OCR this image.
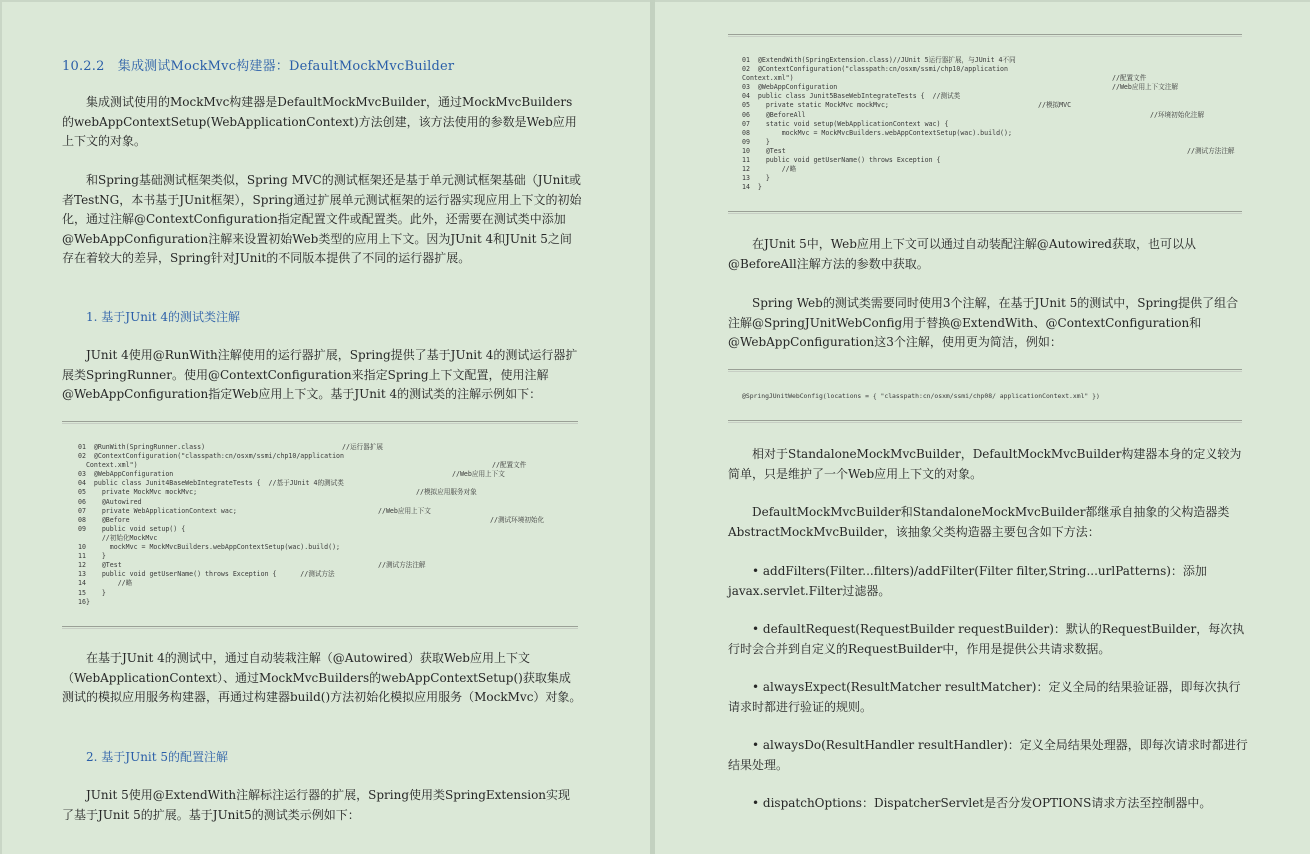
10.2.2　集成测试MockMvc构建器：DefaultMockMvcBuilder
集成测试使用的MockMvc构建器是DefaultMockMvcBuilder，通过MockMvcBuilders的webAppContextSetup(WebApplicationContext)方法创建，该方法使用的参数是Web应用上下文的对象。
和Spring基础测试框架类似，Spring MVC的测试框架还是基于单元测试框架基础（JUnit或者TestNG，本书基于JUnit框架），Spring通过扩展单元测试框架的运行器实现应用上下文的初始化，通过注解@ContextConfiguration指定配置文件或配置类。此外，还需要在测试类中添加@WebAppConfiguration注解来设置初始Web类型的应用上下文。因为JUnit 4和JUnit 5之间存在着较大的差异，Spring针对JUnit的不同版本提供了不同的运行器扩展。
1. 基于JUnit 4的测试类注解
JUnit 4使用@RunWith注解使用的运行器扩展，Spring提供了基于JUnit 4的测试运行器扩展类SpringRunner。使用@ContextConfiguration来指定Spring上下文配置，使用注解@WebAppConfiguration指定Web应用上下文。基于JUnit 4的测试类的注解示例如下：
01  @RunWith(SpringRunner.class)	//运行器扩展
02  @ContextConfiguration("classpath:cn/osxm/ssmi/chp10/application
Context.xml")	//配置文件
03  @WebAppConfiguration	//Web应用上下文
04  public class Junit4BaseWebIntegrateTests {  //基于JUnit 4的测试类
05    private MockMvc mockMvc;	//模拟应用服务对象
06    @Autowired
07    private WebApplicationContext wac;	//Web应用上下文
08    @Before	//测试环境初始化
09    public void setup() {
//初始化MockMvc
10      mockMvc = MockMvcBuilders.webAppContextSetup(wac).build();
11    }
12    @Test	//测试方法注解
13    public void getUserName() throws Exception {      //测试方法
14        //略
15    }
16}
在基于JUnit 4的测试中，通过自动装栽注解（@Autowired）获取Web应用上下文（WebApplicationContext）、通过MockMvcBuilders的webAppContextSetup()获取集成测试的模拟应用服务构建器，再通过构建器build()方法初始化模拟应用服务（MockMvc）对象。
2. 基于JUnit 5的配置注解
JUnit 5使用@ExtendWith注解标注运行器的扩展，Spring使用类SpringExtension实现了基于JUnit 5的扩展。基于JUnit5的测试类示例如下：
01  @ExtendWith(SpringExtension.class)//JUnit 5运行器扩展，与JUnit 4不同
02  @ContextConfiguration("classpath:cn/osxm/ssmi/chp10/application
Context.xml")	//配置文件
03  @WebAppConfiguration	//Web应用上下文注解
04  public class Junit5BaseWebIntegrateTests {  //测试类
05    private static MockMvc mockMvc;	//模拟MVC
06    @BeforeAll	//环境初始化注解
07    static void setup(WebApplicationContext wac) {
08        mockMvc = MockMvcBuilders.webAppContextSetup(wac).build();
09    }
10    @Test	//测试方法注解
11    public void getUserName() throws Exception {
12        //略
13    }
14  }
在JUnit 5中，Web应用上下文可以通过自动装配注解@Autowired获取，也可以从@BeforeAll注解方法的参数中获取。
Spring Web的测试类需要同时使用3个注解，在基于JUnit 5的测试中，Spring提供了组合注解@SpringJUnitWebConfig用于替换@ExtendWith、@ContextConfiguration和@WebAppConfiguration这3个注解，使用更为简洁，例如：
@SpringJUnitWebConfig(locations = { "classpath:cn/osxm/ssmi/chp08/ applicationContext.xml" })
相对于StandaloneMockMvcBuilder，DefaultMockMvcBuilder构建器本身的定义较为简单，只是维护了一个Web应用上下文的对象。
DefaultMockMvcBuilder和StandaloneMockMvcBuilder都继承自抽象的父构造器类AbstractMockMvcBuilder，该抽象父类构造器主要包含如下方法：
• addFilters(Filter...filters)/addFilter(Filter filter,String...urlPatterns)：添加javax.servlet.Filter过滤器。
• defaultRequest(RequestBuilder requestBuilder)：默认的RequestBuilder，每次执行时会合并到自定义的RequestBuilder中，作用是提供公共请求数据。
• alwaysExpect(ResultMatcher resultMatcher)：定义全局的结果验证器，即每次执行请求时都进行验证的规则。
• alwaysDo(ResultHandler resultHandler)：定义全局结果处理器，即每次请求时都进行结果处理。
• dispatchOptions：DispatcherServlet是否分发OPTIONS请求方法至控制器中。
